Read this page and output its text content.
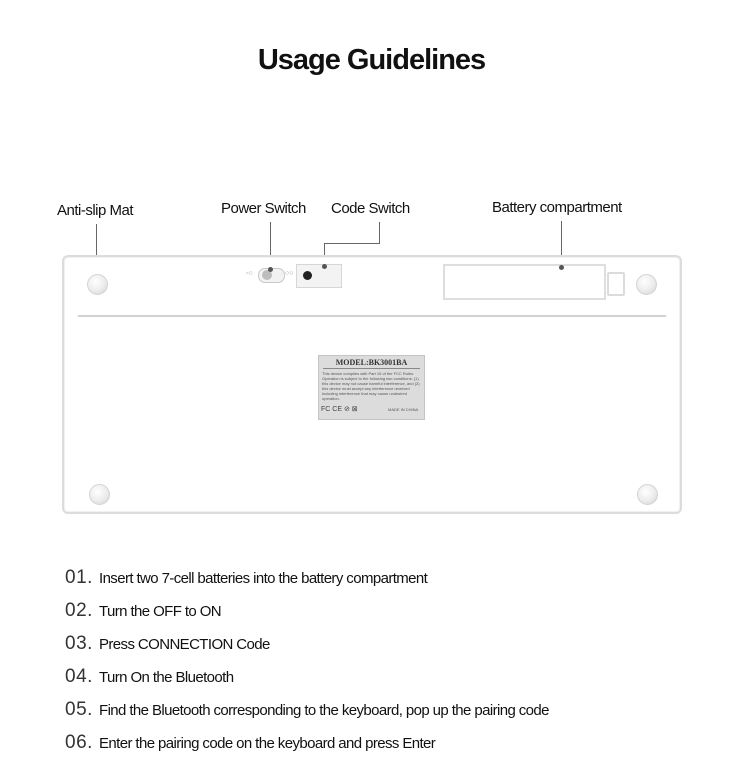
Usage Guidelines
Anti-slip Mat	Power Switch Code Switch	Battery compartment
◦○	○○
MODEL:BK3001BA
This device complies with Part 15 of the FCC Rules. Operation is subject to the following two conditions: (1) this device may not cause harmful interference, and (2) this device must accept any interference received including interference that may cause undesired operation.
FC CE ⊘ ⊠	MADE IN CHINA
01. Insert two 7-cell batteries into the battery compartment
02. Turn the OFF to ON
03.Press CONNECTION Code
04. Turn On the Bluetooth
05. Find the Bluetooth corresponding to the keyboard, pop up the pairing code
06. Enter the pairing code on the keyboard and press Enter
